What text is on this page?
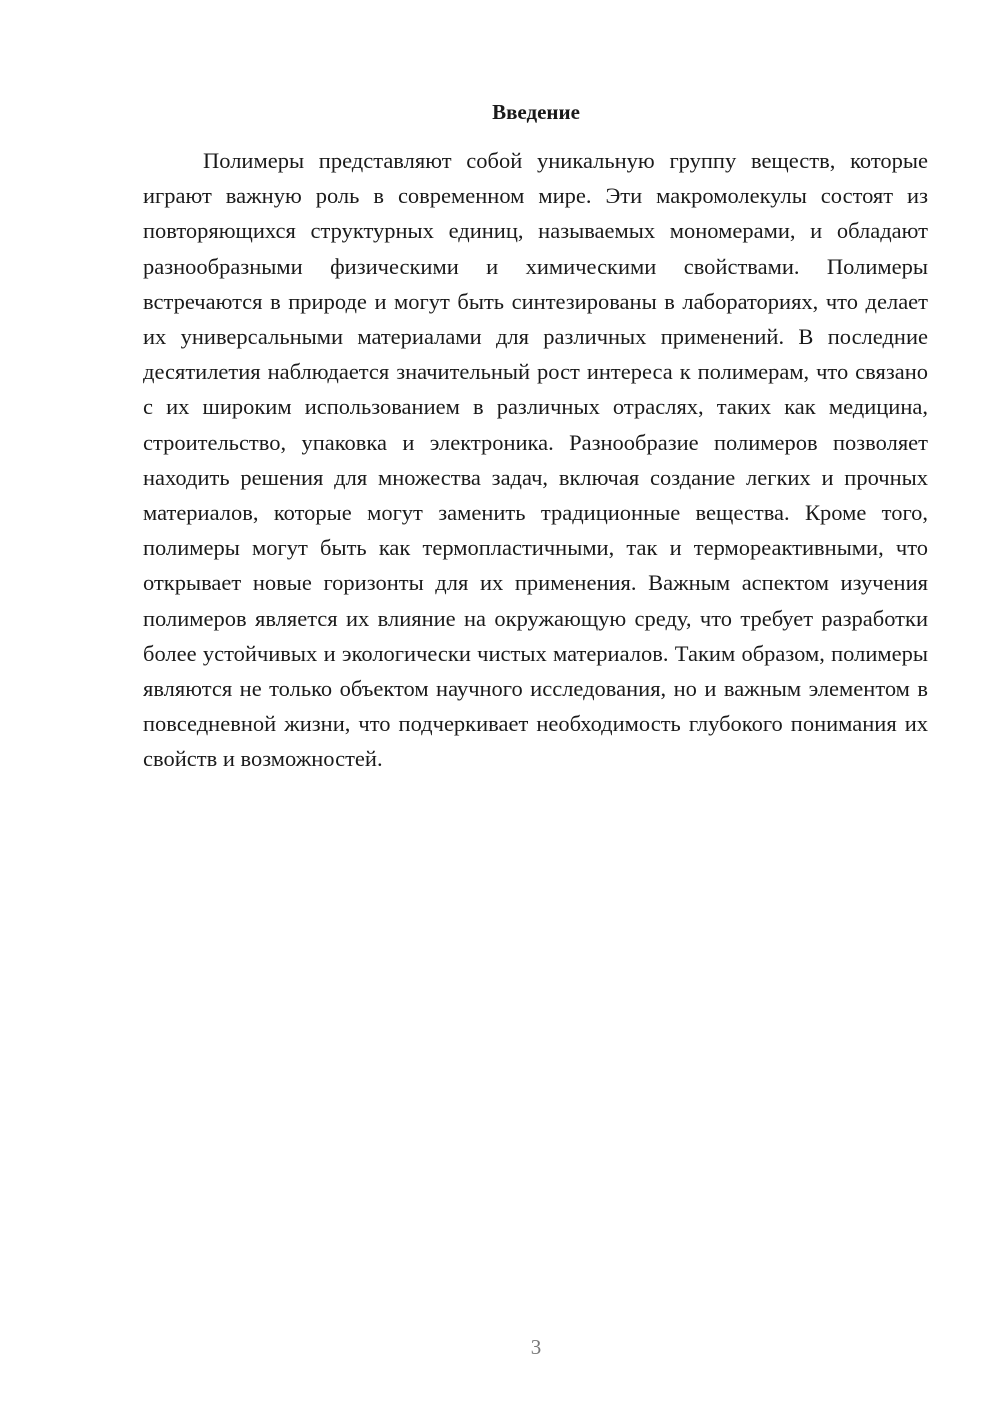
Введение

Полимеры представляют собой уникальную группу веществ, которые играют важную роль в современном мире. Эти макромолекулы состоят из повторяющихся структурных единиц, называемых мономерами, и обладают разнообразными физическими и химическими свойствами. Полимеры встречаются в природе и могут быть синтезированы в лабораториях, что делает их универсальными материалами для различных применений. В последние десятилетия наблюдается значительный рост интереса к полимерам, что связано с их широким использованием в различных отраслях, таких как медицина, строительство, упаковка и электроника. Разнообразие полимеров позволяет находить решения для множества задач, включая создание легких и прочных материалов, которые могут заменить традиционные вещества. Кроме того, полимеры могут быть как термопластичными, так и термореактивными, что открывает новые горизонты для их применения. Важным аспектом изучения полимеров является их влияние на окружающую среду, что требует разработки более устойчивых и экологически чистых материалов. Таким образом, полимеры являются не только объектом научного исследования, но и важным элементом в повседневной жизни, что подчеркивает необходимость глубокого понимания их свойств и возможностей.

3
